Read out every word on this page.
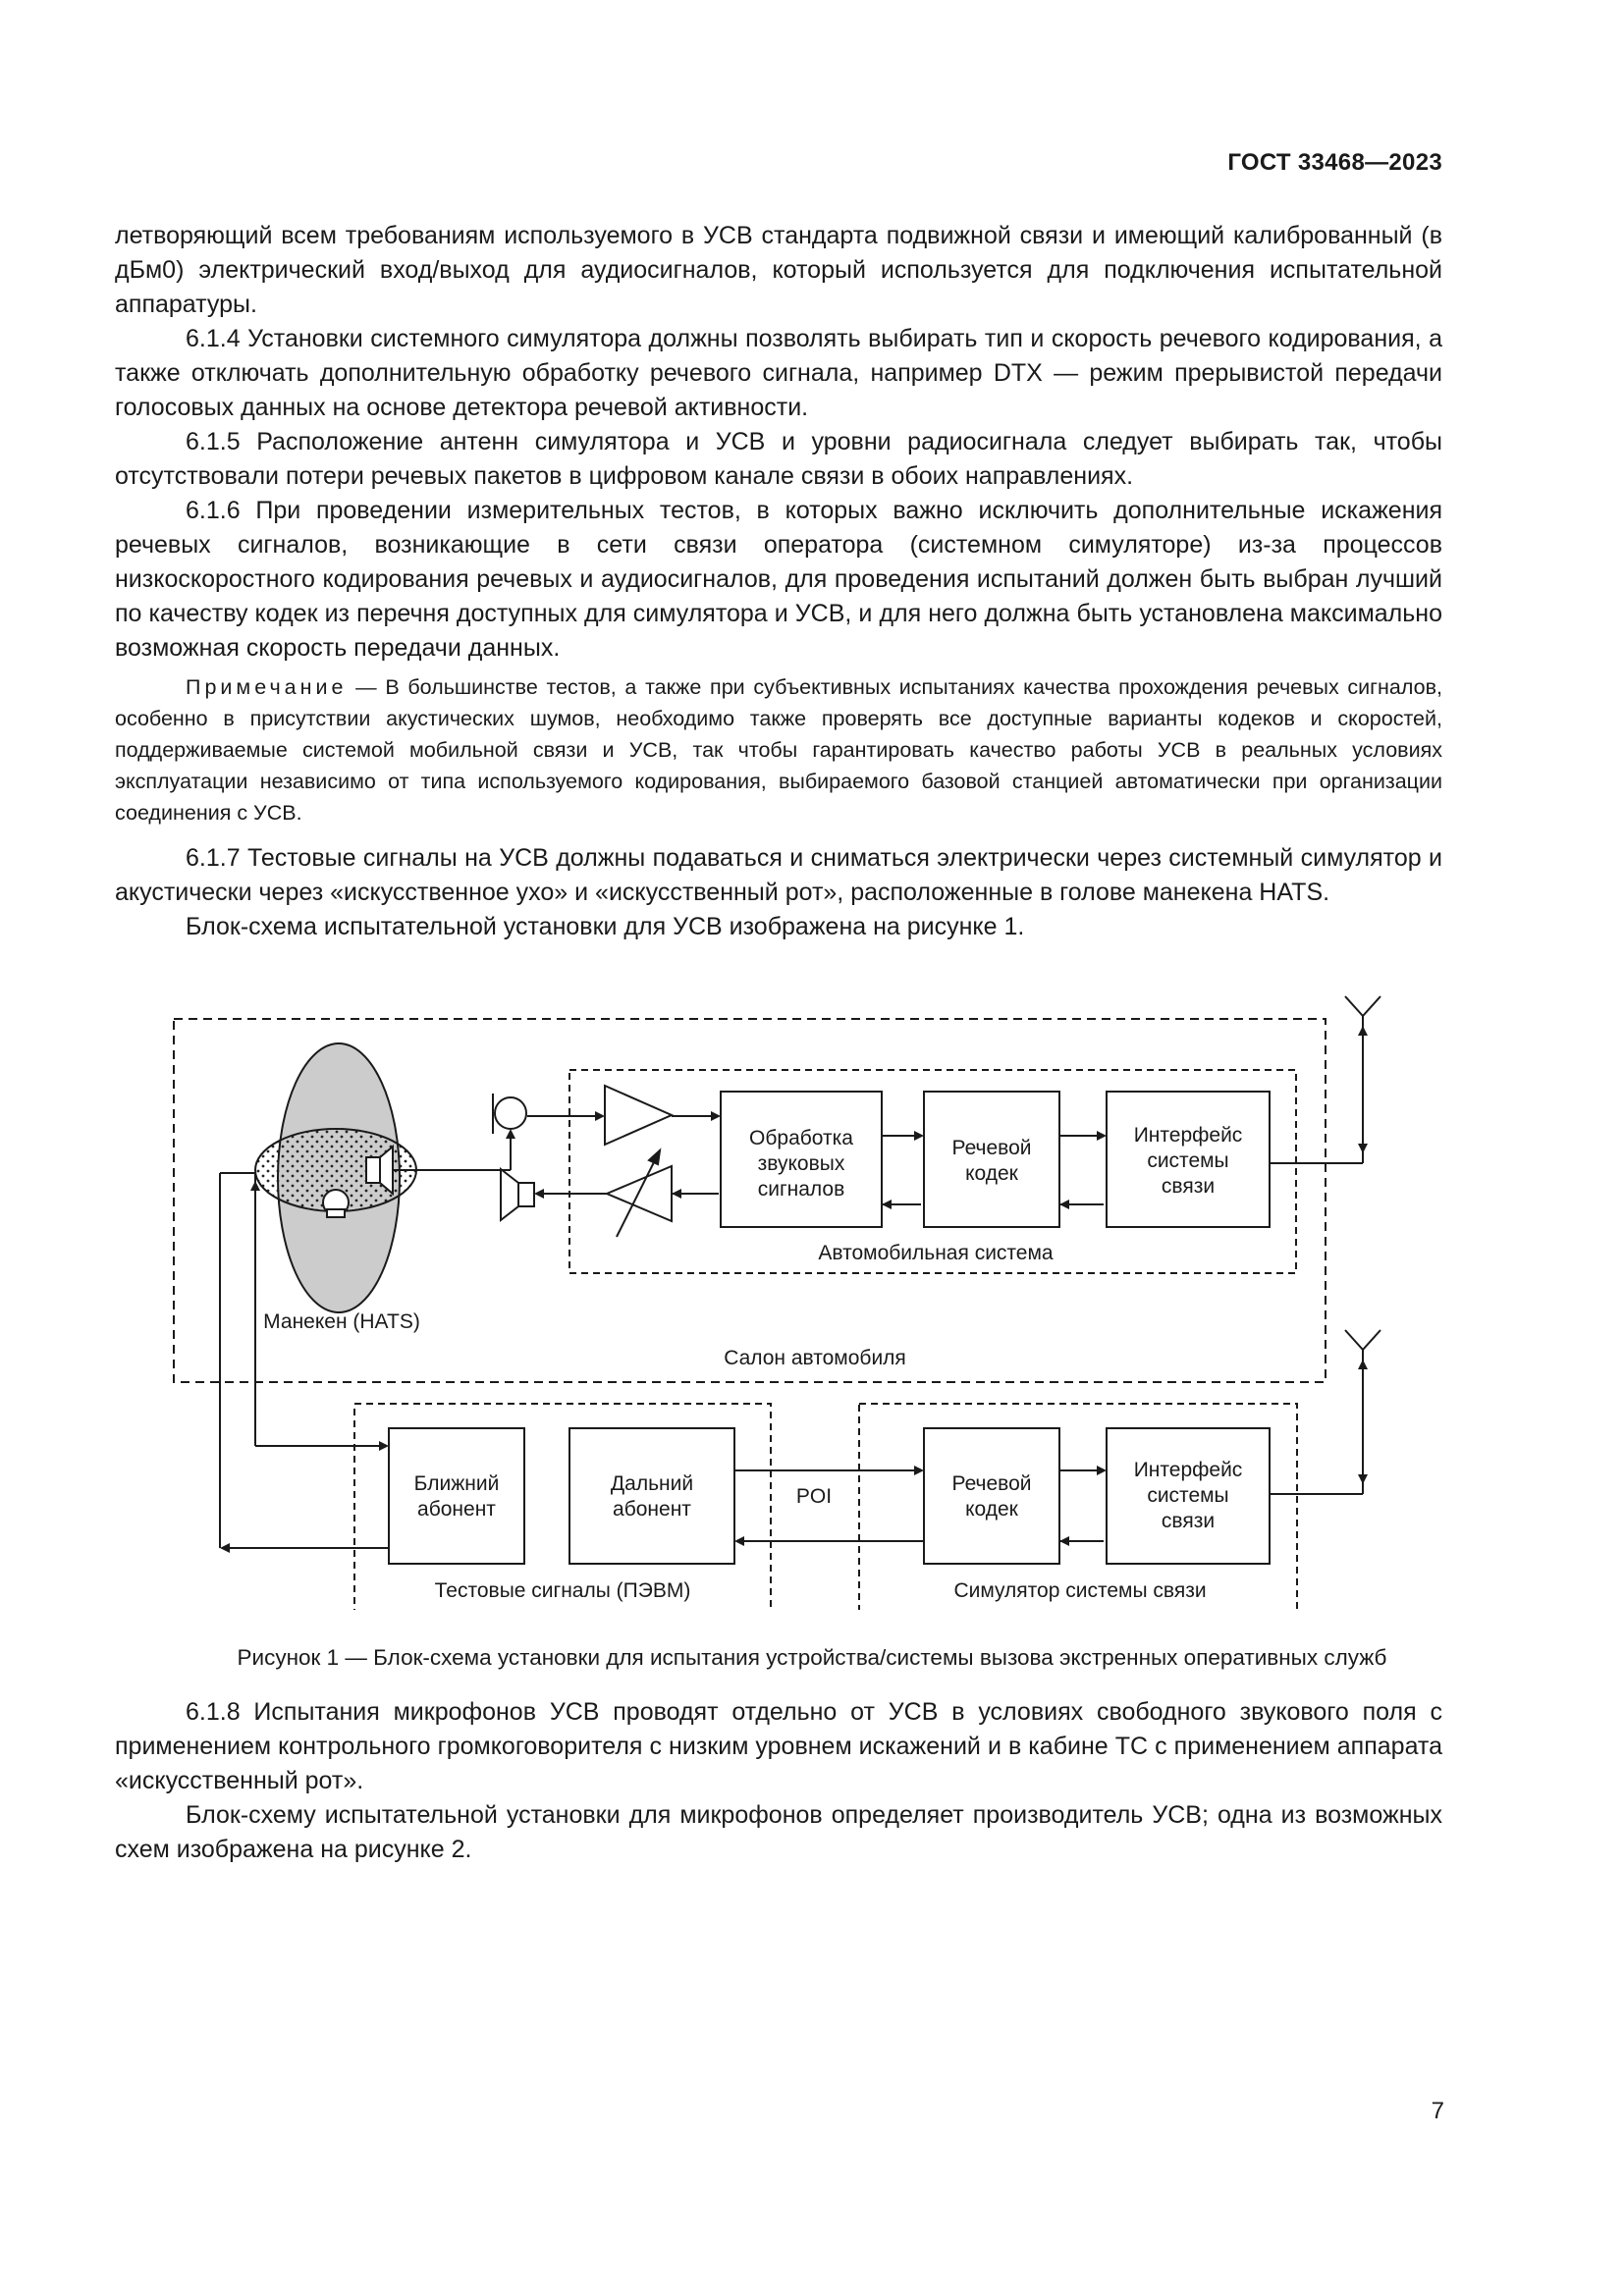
ГОСТ 33468—2023

летворяющий всем требованиям используемого в УСВ стандарта подвижной связи и имеющий калиброванный (в дБм0) электрический вход/выход для аудиосигналов, который используется для подключения испытательной аппаратуры.

6.1.4 Установки системного симулятора должны позволять выбирать тип и скорость речевого кодирования, а также отключать дополнительную обработку речевого сигнала, например DTX — режим прерывистой передачи голосовых данных на основе детектора речевой активности.

6.1.5 Расположение антенн симулятора и УСВ и уровни радиосигнала следует выбирать так, чтобы отсутствовали потери речевых пакетов в цифровом канале связи в обоих направлениях.

6.1.6 При проведении измерительных тестов, в которых важно исключить дополнительные искажения речевых сигналов, возникающие в сети связи оператора (системном симуляторе) из-за процессов низкоскоростного кодирования речевых и аудиосигналов, для проведения испытаний должен быть выбран лучший по качеству кодек из перечня доступных для симулятора и УСВ, и для него должна быть установлена максимально возможная скорость передачи данных.

Примечание — В большинстве тестов, а также при субъективных испытаниях качества прохождения речевых сигналов, особенно в присутствии акустических шумов, необходимо также проверять все доступные варианты кодеков и скоростей, поддерживаемые системой мобильной связи и УСВ, так чтобы гарантировать качество работы УСВ в реальных условиях эксплуатации независимо от типа используемого кодирования, выбираемого базовой станцией автоматически при организации соединения с УСВ.

6.1.7 Тестовые сигналы на УСВ должны подаваться и сниматься электрически через системный симулятор и акустически через «искусственное ухо» и «искусственный рот», расположенные в голове манекена HATS.

Блок-схема испытательной установки для УСВ изображена на рисунке 1.

Обработка
звуковых
сигналов
Речевой
кодек
Интерфейс
системы
связи
Ближний
абонент
Дальний
абонент
Речевой
кодек
Интерфейс
системы
связи
Автомобильная система
Манекен (HATS)
Салон автомобиля
POI
Тестовые сигналы (ПЭВМ)	Симулятор системы связи
Рисунок 1 — Блок-схема установки для испытания устройства/системы вызова экстренных оперативных служб

6.1.8 Испытания микрофонов УСВ проводят отдельно от УСВ в условиях свободного звукового поля с применением контрольного громкоговорителя с низким уровнем искажений и в кабине ТС с применением аппарата «искусственный рот».

Блок-схему испытательной установки для микрофонов определяет производитель УСВ; одна из возможных схем изображена на рисунке 2.

7
